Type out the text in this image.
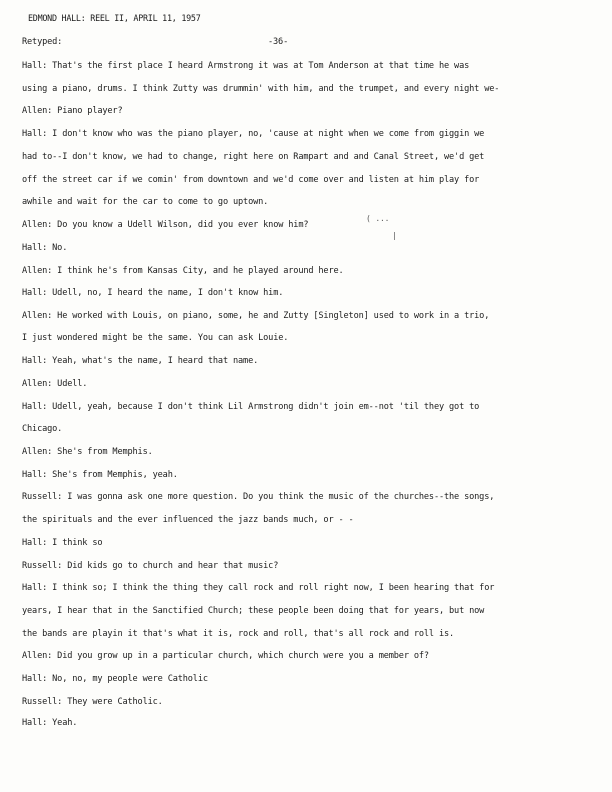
EDMOND HALL: REEL II, APRIL 11, 1957
Retyped:	-36-
Hall: That's the first place I heard Armstrong it was at Tom Anderson at that time he was
using a piano, drums. I think Zutty was drummin' with him, and the trumpet, and every night we-
Allen: Piano player?
Hall: I don't know who was the piano player, no, 'cause at night when we come from giggin we
had to--I don't know, we had to change, right here on Rampart and and Canal Street, we'd get
off the street car if we comin' from downtown and we'd come over and listen at him play for
awhile and wait for the car to come to go uptown.
Allen: Do you know a Udell Wilson, did you ever know him?
Hall: No.
Allen: I think he's from Kansas City, and he played around here.
Hall: Udell, no, I heard the name, I don't know him.
Allen: He worked with Louis, on piano, some, he and Zutty [Singleton] used to work in a trio,
I just wondered might be the same. You can ask Louie.
Hall: Yeah, what's the name, I heard that name.
Allen: Udell.
Hall: Udell, yeah, because I don't think Lil Armstrong didn't join em--not 'til they got to
Chicago.
Allen: She's from Memphis.
Hall: She's from Memphis, yeah.
Russell: I was gonna ask one more question. Do you think the music of the churches--the songs,
the spirituals and the ever influenced the jazz bands much, or - -
Hall: I think so
Russell: Did kids go to church and hear that music?
Hall: I think so; I think the thing they call rock and roll right now, I been hearing that for
years, I hear that in the Sanctified Church; these people been doing that for years, but now
the bands are playin it that's what it is, rock and roll, that's all rock and roll is.
Allen: Did you grow up in a particular church, which church were you a member of?
Hall: No, no, my people were Catholic
Russell: They were Catholic.
Hall: Yeah.
( ...
|
